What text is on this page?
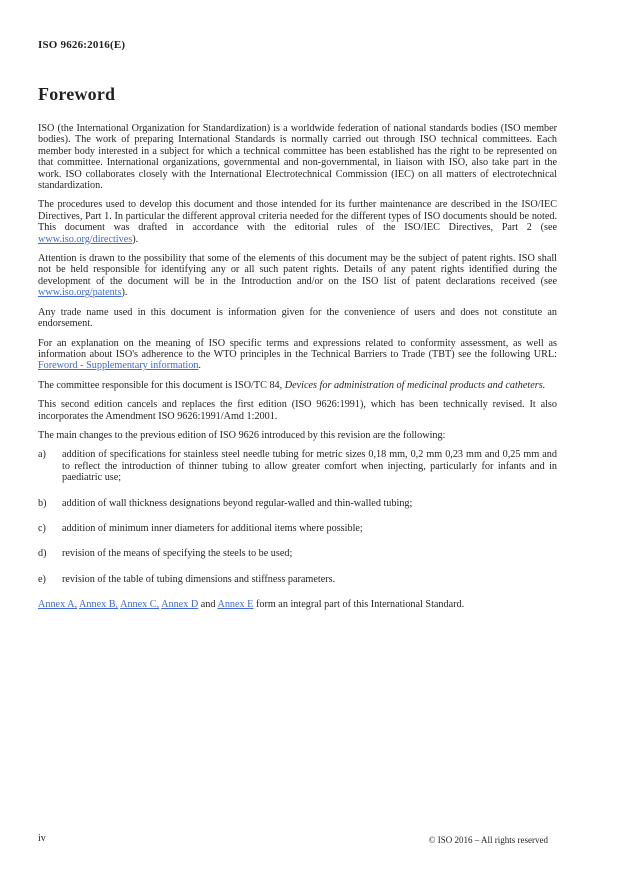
ISO 9626:2016(E)
Foreword

ISO (the International Organization for Standardization) is a worldwide federation of national standards bodies (ISO member bodies). The work of preparing International Standards is normally carried out through ISO technical committees. Each member body interested in a subject for which a technical committee has been established has the right to be represented on that committee. International organizations, governmental and non-governmental, in liaison with ISO, also take part in the work. ISO collaborates closely with the International Electrotechnical Commission (IEC) on all matters of electrotechnical standardization.

The procedures used to develop this document and those intended for its further maintenance are described in the ISO/IEC Directives, Part 1. In particular the different approval criteria needed for the different types of ISO documents should be noted. This document was drafted in accordance with the editorial rules of the ISO/IEC Directives, Part 2 (see www.iso.org/directives).

Attention is drawn to the possibility that some of the elements of this document may be the subject of patent rights. ISO shall not be held responsible for identifying any or all such patent rights. Details of any patent rights identified during the development of the document will be in the Introduction and/or on the ISO list of patent declarations received (see www.iso.org/patents).

Any trade name used in this document is information given for the convenience of users and does not constitute an endorsement.

For an explanation on the meaning of ISO specific terms and expressions related to conformity assessment, as well as information about ISO's adherence to the WTO principles in the Technical Barriers to Trade (TBT) see the following URL: Foreword - Supplementary information.

The committee responsible for this document is ISO/TC 84, Devices for administration of medicinal products and catheters.

This second edition cancels and replaces the first edition (ISO 9626:1991), which has been technically revised. It also incorporates the Amendment ISO 9626:1991/Amd 1:2001.

The main changes to the previous edition of ISO 9626 introduced by this revision are the following:

a) addition of specifications for stainless steel needle tubing for metric sizes 0,18 mm, 0,2 mm 0,23 mm and 0,25 mm and to reflect the introduction of thinner tubing to allow greater comfort when injecting, particularly for infants and in paediatric use;
b) addition of wall thickness designations beyond regular-walled and thin-walled tubing;
c) addition of minimum inner diameters for additional items where possible;
d) revision of the means of specifying the steels to be used;
e) revision of the table of tubing dimensions and stiffness parameters.

Annex A, Annex B, Annex C, Annex D and Annex E form an integral part of this International Standard.

iv	© ISO 2016 – All rights reserved
